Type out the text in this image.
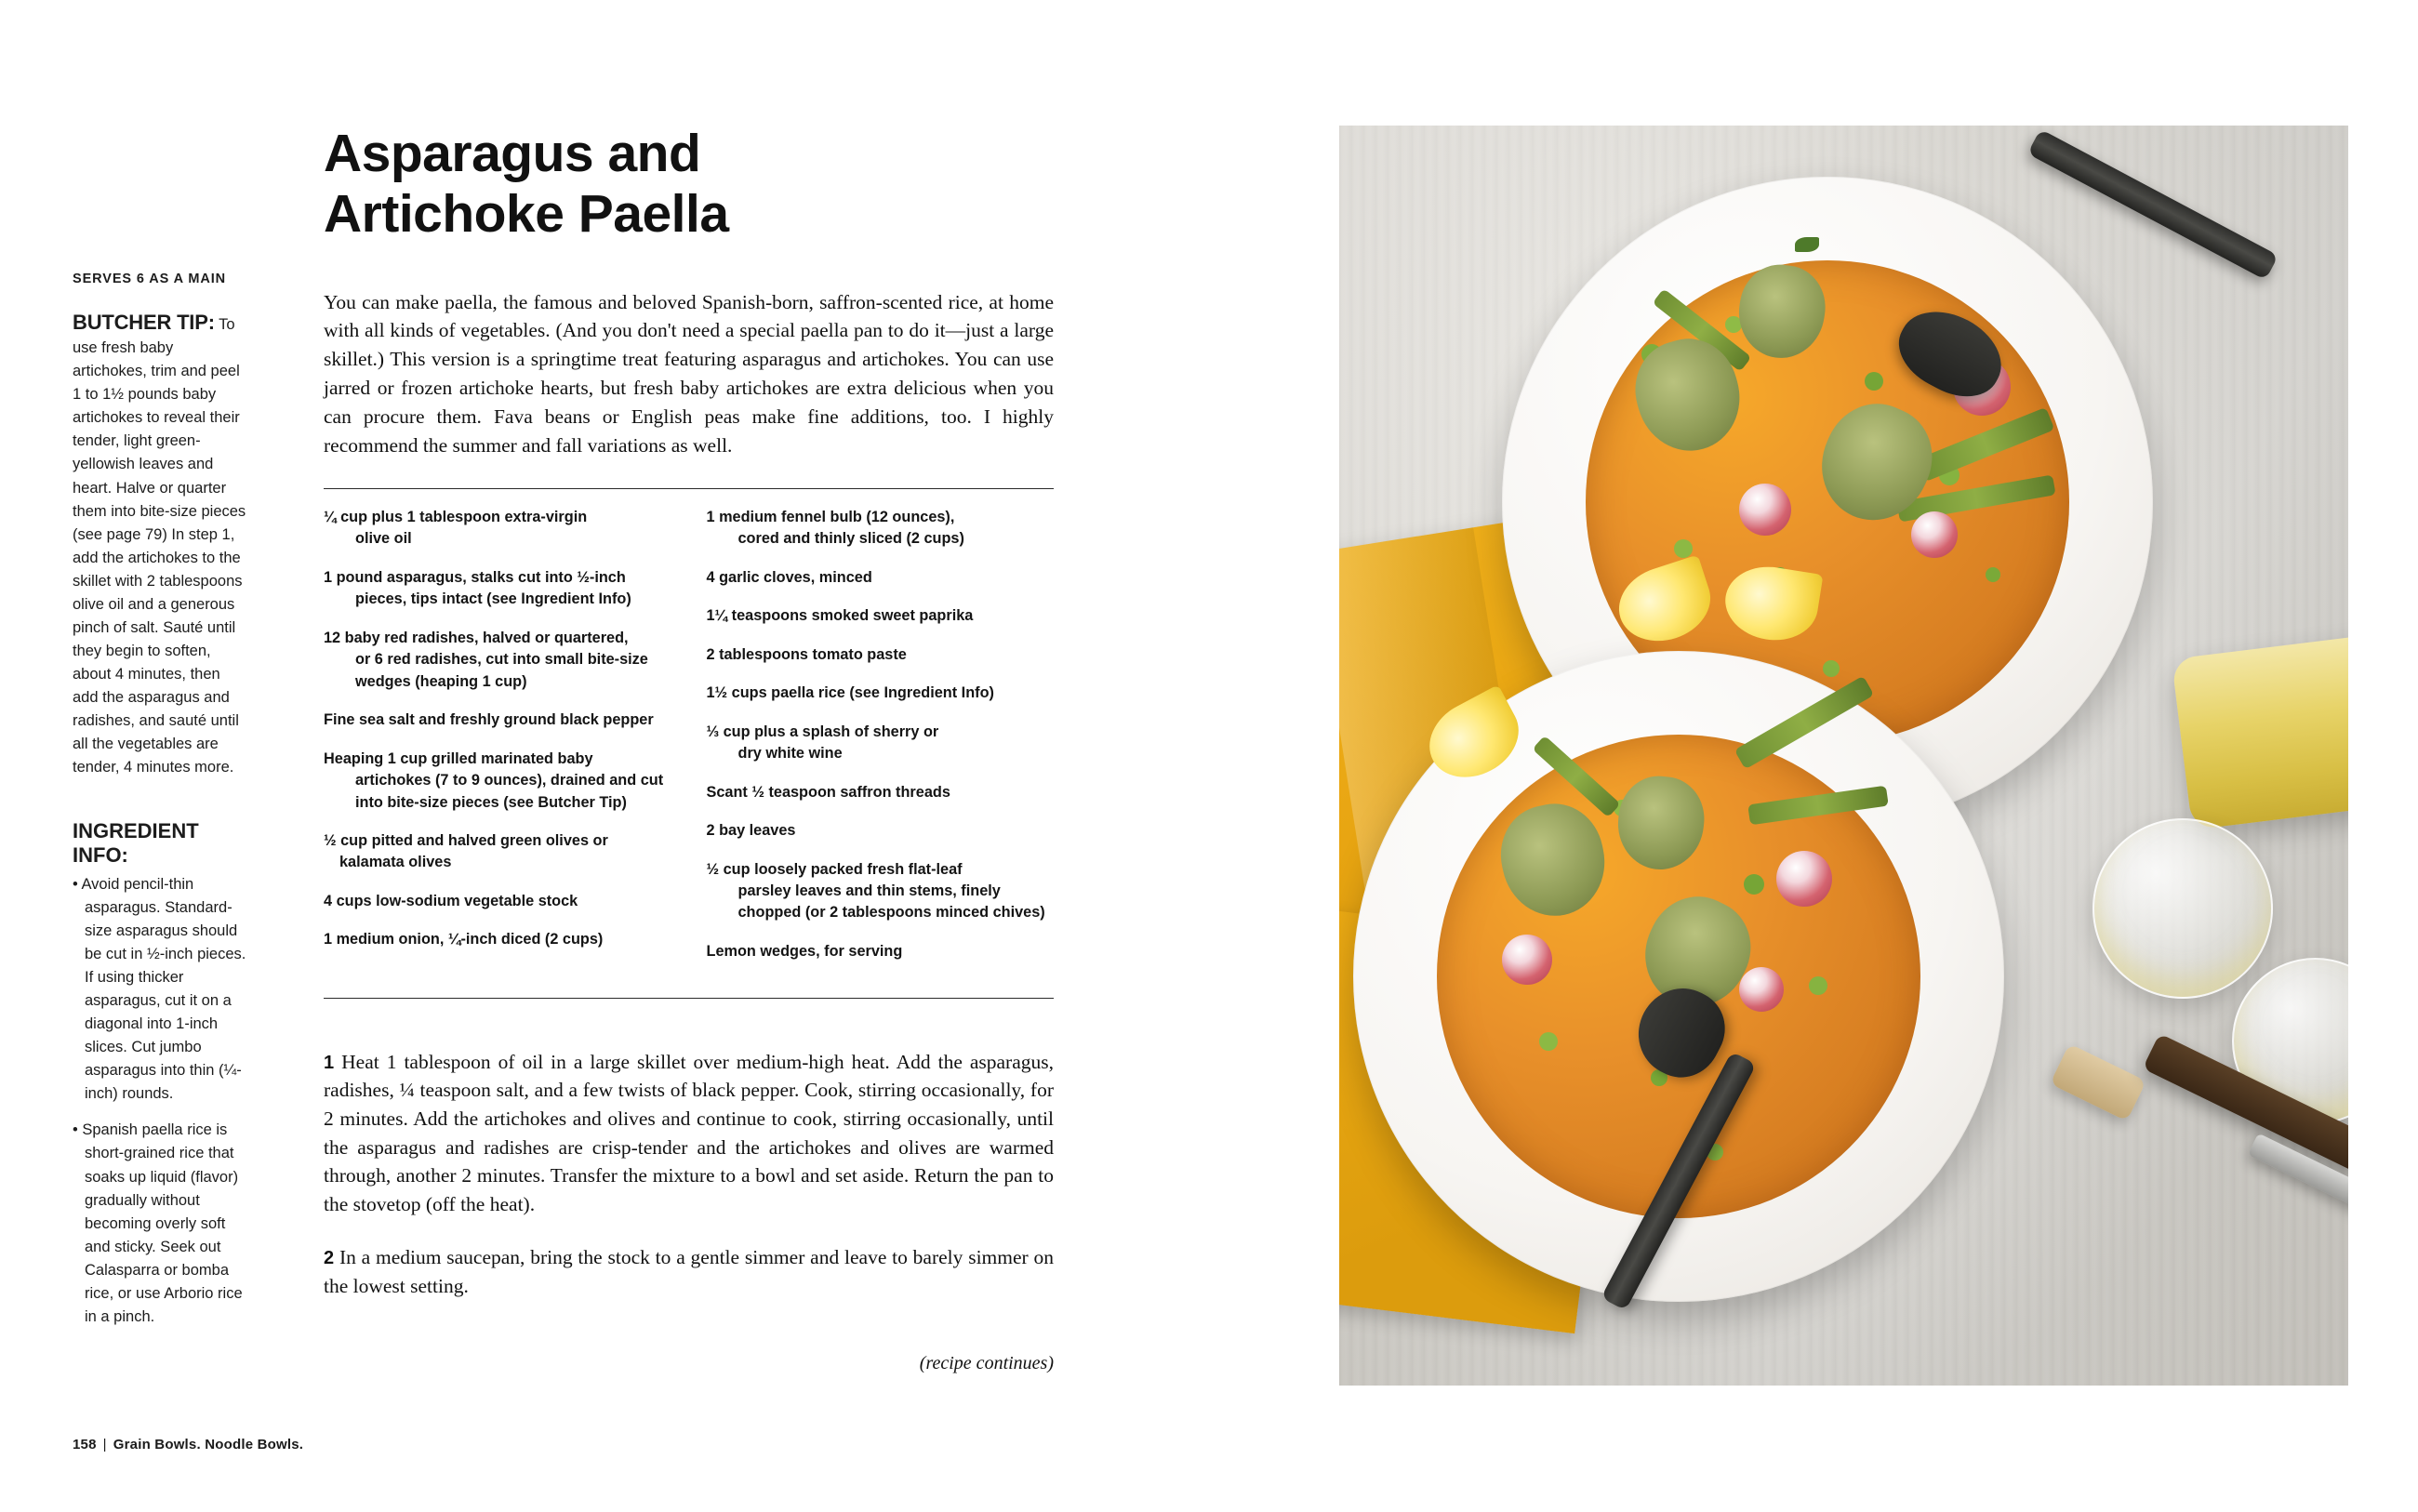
Asparagus and
Artichoke Paella
SERVES 6 AS A MAIN
BUTCHER TIP: To use fresh baby artichokes, trim and peel 1 to 1½ pounds baby artichokes to reveal their tender, light green-yellowish leaves and heart. Halve or quarter them into bite-size pieces (see page 79) In step 1, add the artichokes to the skillet with 2 tablespoons olive oil and a generous pinch of salt. Sauté until they begin to soften, about 4 minutes, then add the asparagus and radishes, and sauté until all the vegetables are tender, 4 minutes more.
INGREDIENT INFO:
• Avoid pencil-thin asparagus. Standard-size asparagus should be cut in ½-inch pieces. If using thicker asparagus, cut it on a diagonal into 1-inch slices. Cut jumbo asparagus into thin (¼-inch) rounds.
• Spanish paella rice is short-grained rice that soaks up liquid (flavor) gradually without becoming overly soft and sticky. Seek out Calasparra or bomba rice, or use Arborio rice in a pinch.

You can make paella, the famous and beloved Spanish-born, saffron-scented rice, at home with all kinds of vegetables. (And you don't need a special paella pan to do it—just a large skillet.) This version is a springtime treat featuring asparagus and artichokes. You can use jarred or frozen artichoke hearts, but fresh baby artichokes are extra delicious when you can procure them. Fava beans or English peas make fine additions, too. I highly recommend the summer and fall variations as well.

¼ cup plus 1 tablespoon extra-virgin
olive oil
1 pound asparagus, stalks cut into ½-inch
pieces, tips intact (see Ingredient Info)
12 baby red radishes, halved or quartered,
or 6 red radishes, cut into small bite-size wedges (heaping 1 cup)
Fine sea salt and freshly ground black pepper
Heaping 1 cup grilled marinated baby
artichokes (7 to 9 ounces), drained and cut into bite-size pieces (see Butcher Tip)
½ cup pitted and halved green olives or kalamata olives
4 cups low-sodium vegetable stock
1 medium onion, ¼-inch diced (2 cups)
1 medium fennel bulb (12 ounces),
cored and thinly sliced (2 cups)
4 garlic cloves, minced
1¼ teaspoons smoked sweet paprika
2 tablespoons tomato paste
1½ cups paella rice (see Ingredient Info)
⅓ cup plus a splash of sherry or
dry white wine
Scant ½ teaspoon saffron threads
2 bay leaves
½ cup loosely packed fresh flat-leaf
parsley leaves and thin stems, finely chopped (or 2 tablespoons minced chives)
Lemon wedges, for serving

1 Heat 1 tablespoon of oil in a large skillet over medium-high heat. Add the asparagus, radishes, ¼ teaspoon salt, and a few twists of black pepper. Cook, stirring occasionally, for 2 minutes. Add the artichokes and olives and continue to cook, stirring occasionally, until the asparagus and radishes are crisp-tender and the artichokes and olives are warmed through, another 2 minutes. Transfer the mixture to a bowl and set aside. Return the pan to the stovetop (off the heat).

2 In a medium saucepan, bring the stock to a gentle simmer and leave to barely simmer on the lowest setting.

(recipe continues)
158 | Grain Bowls. Noodle Bowls.
